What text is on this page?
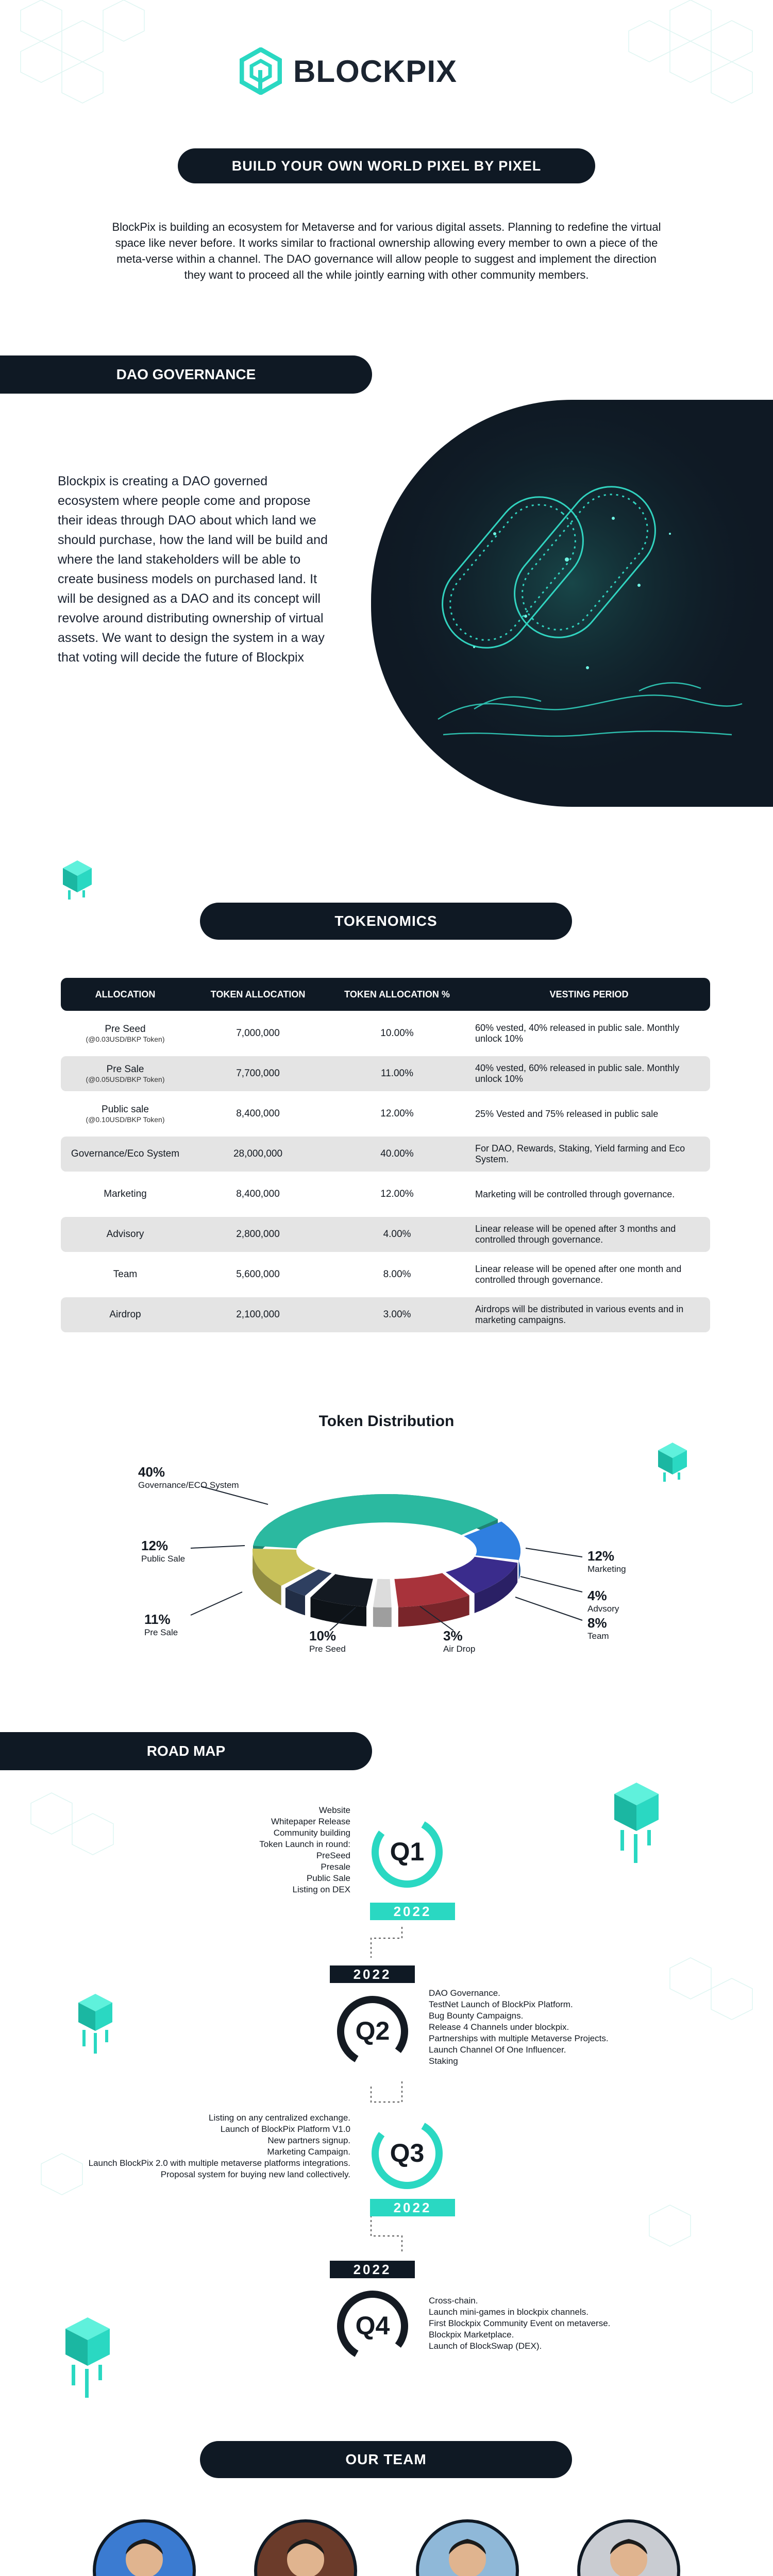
BLOCKPIX
BUILD YOUR OWN WORLD PIXEL BY PIXEL
BlockPix is building an ecosystem for Metaverse and for various digital assets. Planning to redefine the virtual
space like never before. It works similar to fractional ownership allowing every member to own a piece of the
meta-verse within a channel. The DAO governance will allow people to suggest and implement the direction
they want to proceed all the while jointly earning with other community members.
DAO GOVERNANCE
Blockpix is creating a DAO governed ecosystem where people come and propose their ideas through DAO about which land we should purchase, how the land will be build and where the land stakeholders will be able to create business models on purchased land. It will be designed as a DAO and its concept will revolve around distributing ownership of virtual assets. We want to design the system in a way that voting will decide the future of Blockpix
TOKENOMICS
ALLOCATION	TOKEN ALLOCATION	TOKEN ALLOCATION %	VESTING PERIOD
Pre Seed
(@0.03USD/BKP Token)	7,000,000	10.00%	60% vested, 40% released in public sale. Monthly unlock 10%
Pre Sale
(@0.05USD/BKP Token)	7,700,000	11.00%	40% vested, 60% released in public sale. Monthly unlock 10%
Public sale
(@0.10USD/BKP Token)	8,400,000	12.00%	25% Vested and 75% released in public sale
Governance/Eco System	28,000,000	40.00%	For DAO, Rewards, Staking, Yield farming and Eco System.
Marketing	8,400,000	12.00%	Marketing will be controlled through governance.
Advisory	2,800,000	4.00%	Linear release will be opened after 3 months and controlled through governance.
Team	5,600,000	8.00%	Linear release will be opened after one month and controlled through governance.
Airdrop	2,100,000	3.00%	Airdrops will be distributed in various events and in marketing campaigns.
Token Distribution
40%
Governance/ECO System
12%
Public Sale
11%
Pre Sale	10%
Pre Seed
3%
Air Drop
8%
Team
4%
Advsory
12%
Marketing
ROAD MAP
Website
Whitepaper Release
Community building
Token Launch in round:
PreSeed
Presale
Public Sale
Listing on DEX
Q1
2022
2022
Q2
DAO Governance.
TestNet Launch of BlockPix Platform.
Bug Bounty Campaigns.
Release 4 Channels under blockpix.
Partnerships with multiple Metaverse Projects.
Launch Channel Of One Influencer.
Staking
Listing on any centralized exchange.
Launch of BlockPix Platform V1.0
New partners signup.
Marketing Campaign.
Launch BlockPix 2.0 with multiple metaverse platforms integrations.
Proposal system for buying new land collectively.
Q3
2022
2022
Q4
Cross-chain.
Launch mini-games in blockpix channels.
First Blockpix Community Event on metaverse.
Blockpix Marketplace.
Launch of BlockSwap (DEX).
OUR TEAM
